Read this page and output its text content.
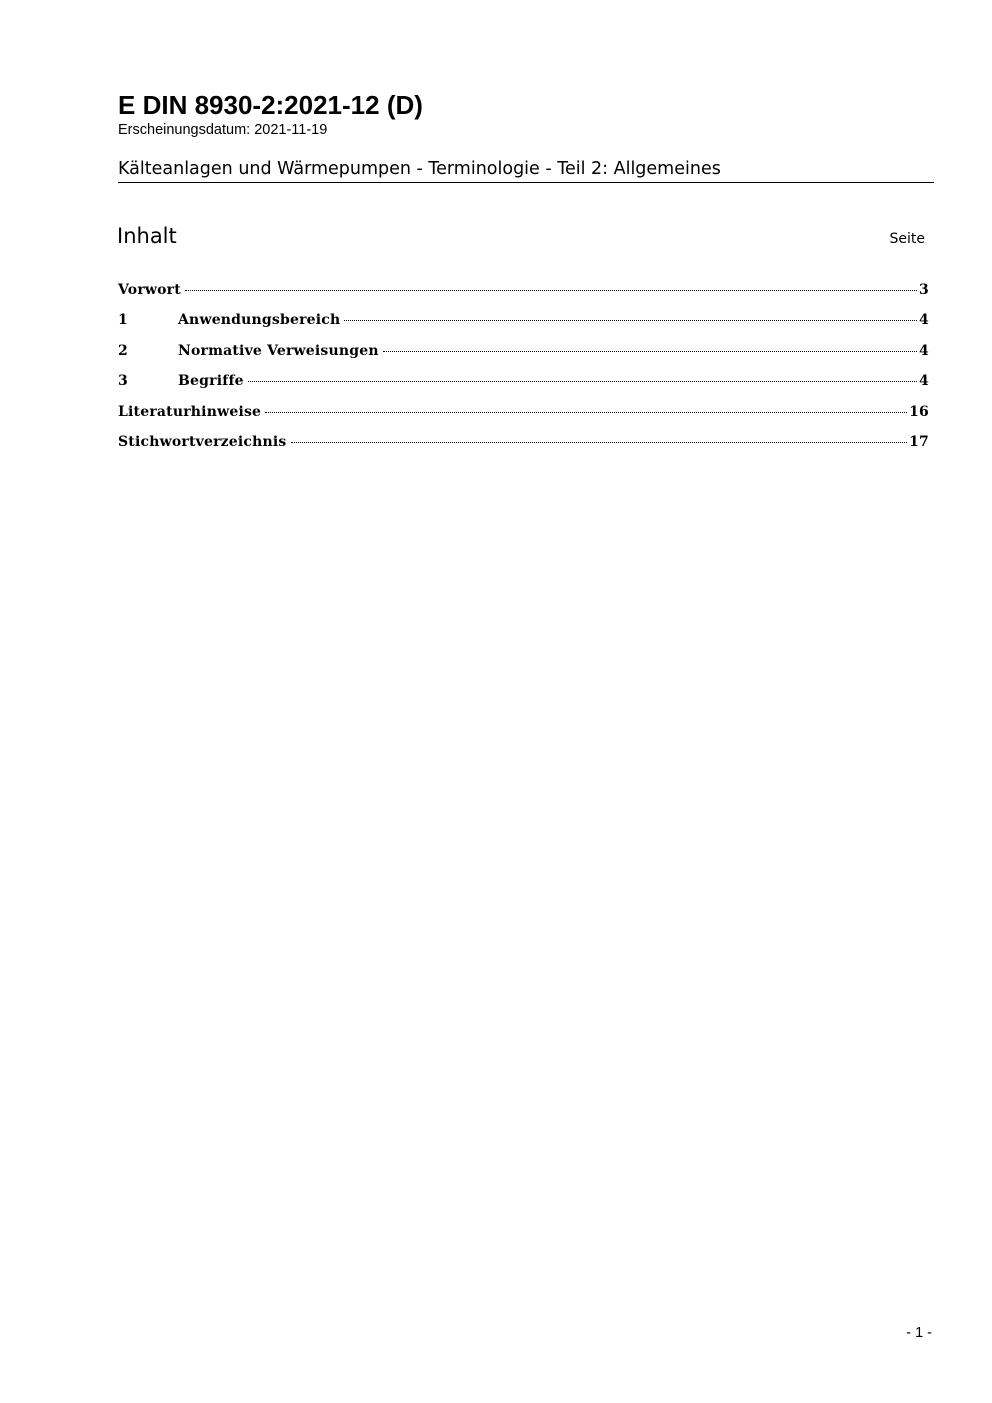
E DIN 8930-2:2021-12 (D)
Erscheinungsdatum: 2021-11-19
Kälteanlagen und Wärmepumpen - Terminologie - Teil 2: Allgemeines
Inhalt	Seite
Vorwort	3
1	Anwendungsbereich	4
2	Normative Verweisungen	4
3	Begriffe	4
Literaturhinweise	16
Stichwortverzeichnis	17
- 1 -
